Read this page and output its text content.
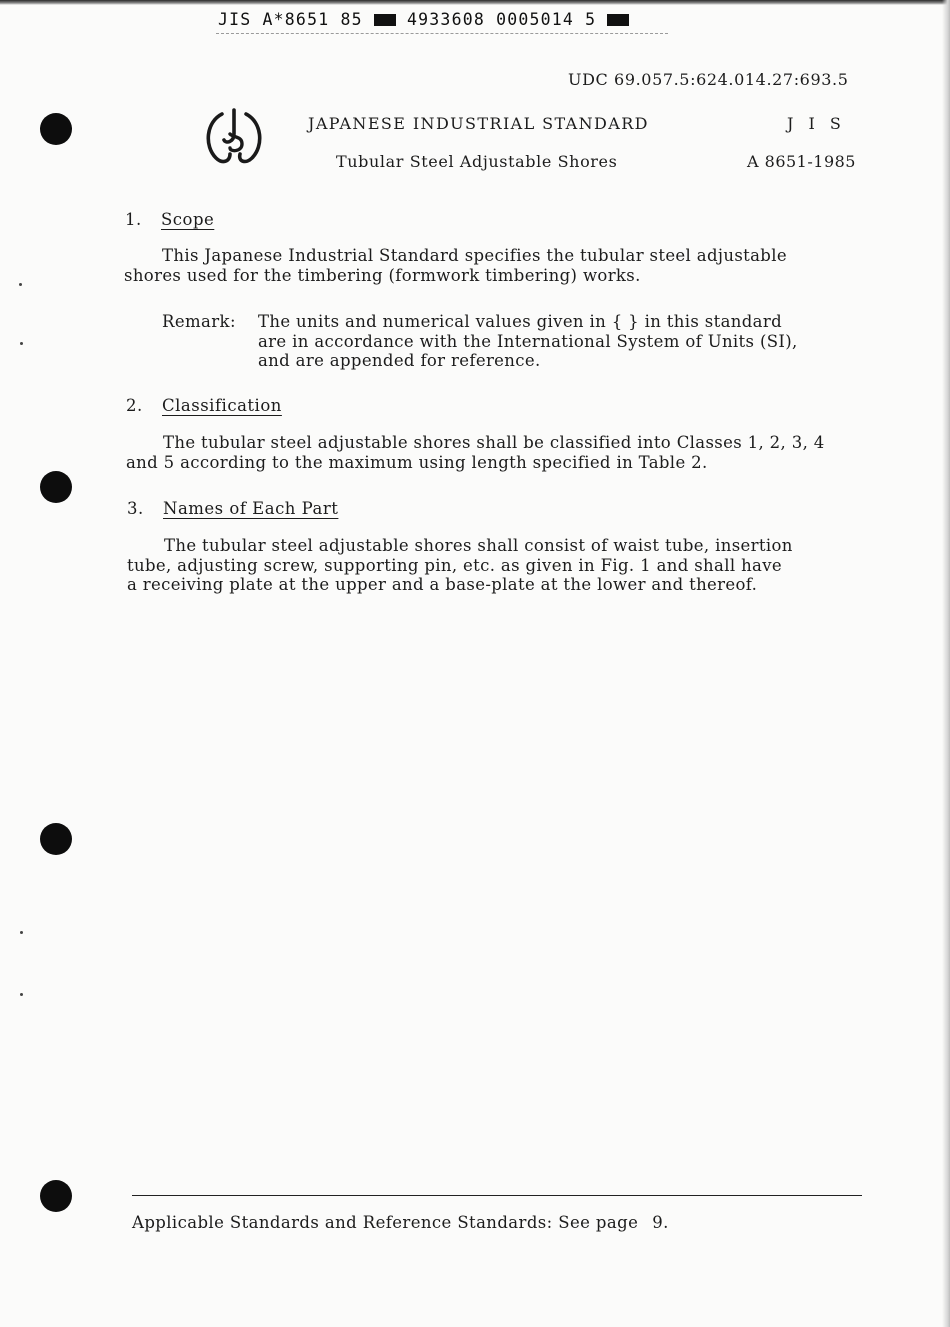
JIS A*8651 85	4933608 0005014 5
UDC 69.057.5:624.014.27:693.5
JAPANESE INDUSTRIAL STANDARD	J I S
Tubular Steel Adjustable Shores	A 8651-1985
1. Scope

This Japanese Industrial Standard specifies the tubular steel adjustable
shores used for the timbering (formwork timbering) works.

Remark: The units and numerical values given in { } in this standard
are in accordance with the International System of Units (SI),
and are appended for reference.
2. Classification

The tubular steel adjustable shores shall be classified into Classes 1, 2, 3, 4
and 5 according to the maximum using length specified in Table 2.

3. Names of Each Part

The tubular steel adjustable shores shall consist of waist tube, insertion
tube, adjusting screw, supporting pin, etc. as given in Fig. 1 and shall have
a receiving plate at the upper and a base-plate at the lower and thereof.

Applicable Standards and Reference Standards: See page 9.
